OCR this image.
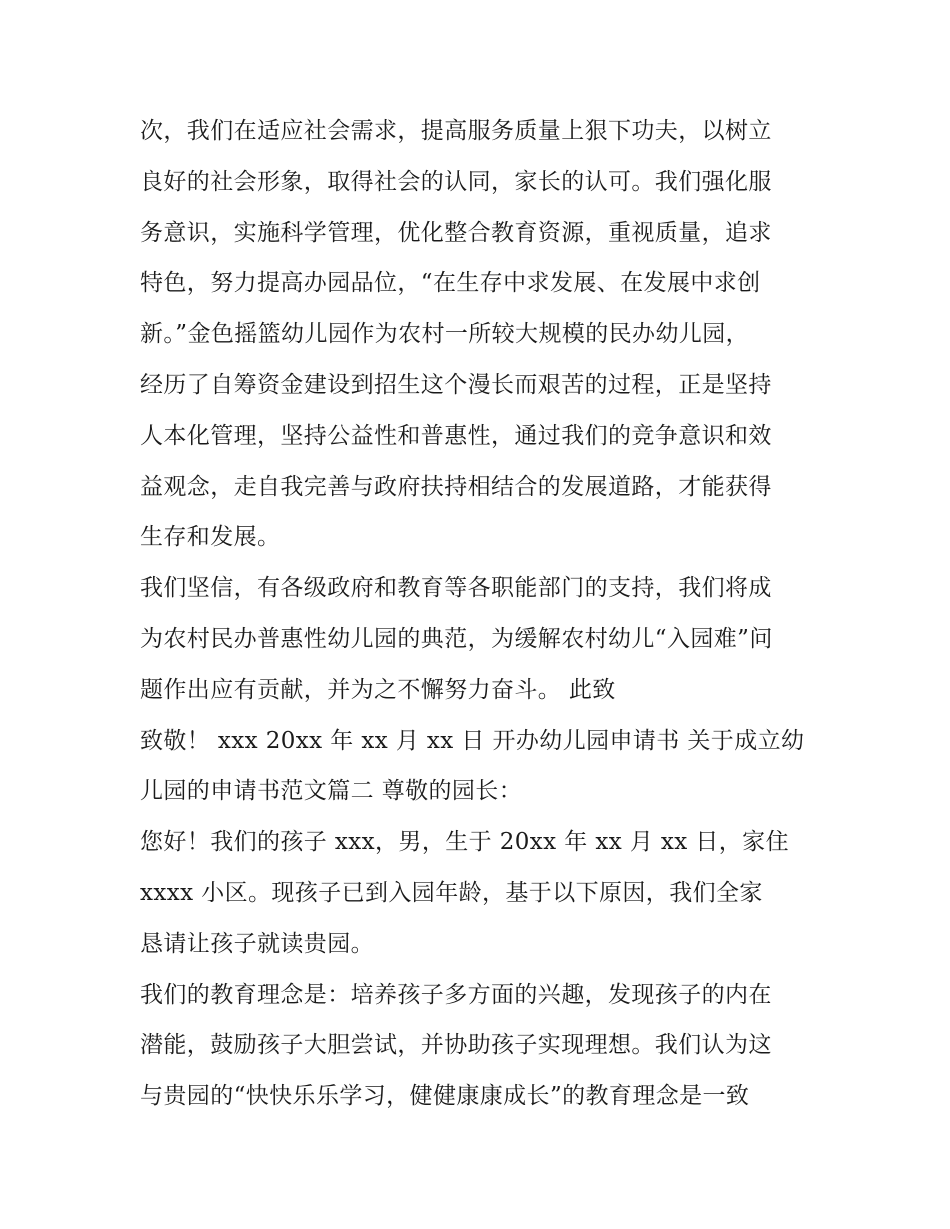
次，我们在适应社会需求，提高服务质量上狠下功夫，以树立
良好的社会形象，取得社会的认同，家长的认可。我们强化服
务意识，实施科学管理，优化整合教育资源，重视质量，追求
特色，努力提高办园品位，“在生存中求发展、在发展中求创
新。”金色摇篮幼儿园作为农村一所较大规模的民办幼儿园，
经历了自筹资金建设到招生这个漫长而艰苦的过程，正是坚持
人本化管理，坚持公益性和普惠性，通过我们的竞争意识和效
益观念，走自我完善与政府扶持相结合的发展道路，才能获得
生存和发展。
我们坚信，有各级政府和教育等各职能部门的支持，我们将成
为农村民办普惠性幼儿园的典范，为缓解农村幼儿“入园难”问
题作出应有贡献，并为之不懈努力奋斗。 此致
致敬！ xxx 20xx 年 xx 月 xx 日 开办幼儿园申请书 关于成立幼
儿园的申请书范文篇二 尊敬的园长：
您好！我们的孩子 xxx，男，生于 20xx 年 xx 月 xx 日，家住
xxxx 小区。现孩子已到入园年龄，基于以下原因，我们全家
恳请让孩子就读贵园。
我们的教育理念是：培养孩子多方面的兴趣，发现孩子的内在
潜能，鼓励孩子大胆尝试，并协助孩子实现理想。我们认为这
与贵园的“快快乐乐学习，健健康康成长”的教育理念是一致
